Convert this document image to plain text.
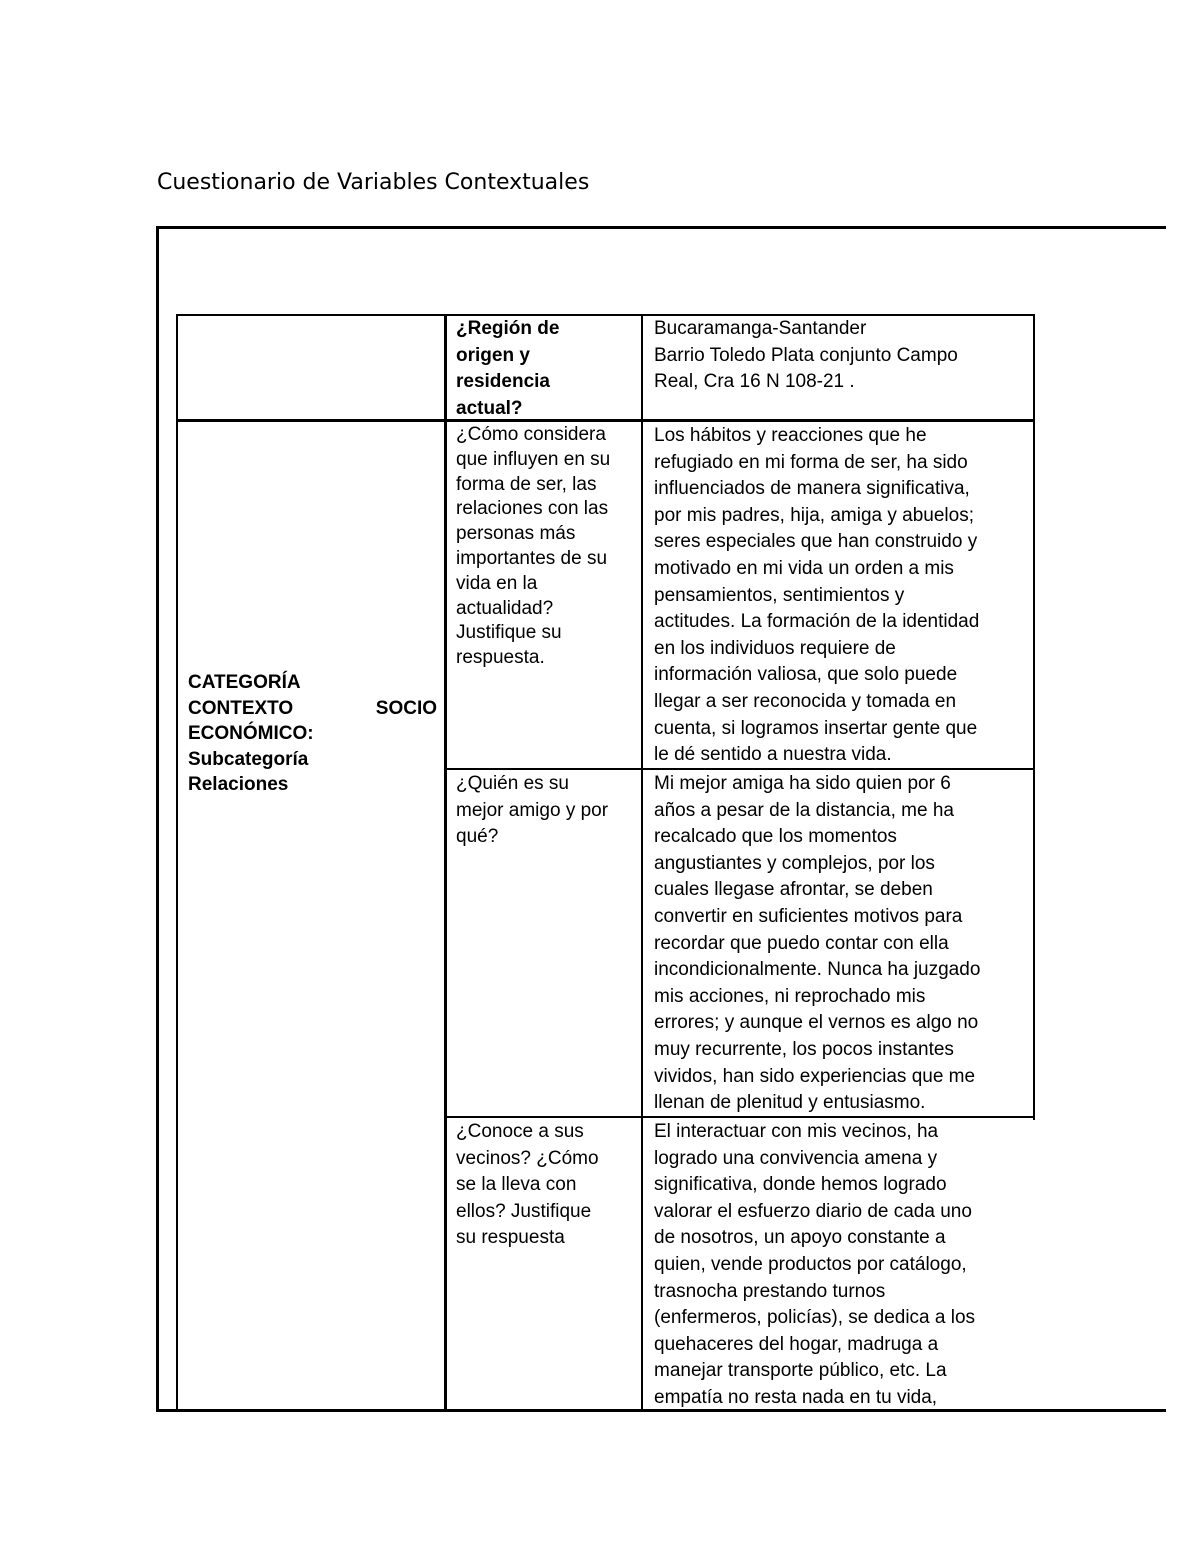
Cuestionario de Variables Contextuales
CATEGORÍA
CONTEXTO	SOCIO
ECONÓMICO:
Subcategoría
Relaciones
¿Región de
origen y
residencia
actual?
Bucaramanga-Santander
Barrio Toledo Plata conjunto Campo
Real, Cra 16 N 108-21 .
¿Cómo considera
que influyen en su
forma de ser, las
relaciones con las
personas más
importantes de su
vida en la
actualidad?
Justifique su
respuesta.
Los hábitos y reacciones que he
refugiado en mi forma de ser, ha sido
influenciados de manera significativa,
por mis padres, hija, amiga y abuelos;
seres especiales que han construido y
motivado en mi vida un orden a mis
pensamientos, sentimientos y
actitudes. La formación de la identidad
en los individuos requiere de
información valiosa, que solo puede
llegar a ser reconocida y tomada en
cuenta, si logramos insertar gente que
le dé sentido a nuestra vida.
¿Quién es su
mejor amigo y por
qué?
Mi mejor amiga ha sido quien por 6
años a pesar de la distancia, me ha
recalcado que los momentos
angustiantes y complejos, por los
cuales llegase afrontar, se deben
convertir en suficientes motivos para
recordar que puedo contar con ella
incondicionalmente. Nunca ha juzgado
mis acciones, ni reprochado mis
errores; y aunque el vernos es algo no
muy recurrente, los pocos instantes
vividos, han sido experiencias que me
llenan de plenitud y entusiasmo.
¿Conoce a sus
vecinos? ¿Cómo
se la lleva con
ellos? Justifique
su respuesta
El interactuar con mis vecinos, ha
logrado una convivencia amena y
significativa, donde hemos logrado
valorar el esfuerzo diario de cada uno
de nosotros, un apoyo constante a
quien, vende productos por catálogo,
trasnocha prestando turnos
(enfermeros, policías), se dedica a los
quehaceres del hogar, madruga a
manejar transporte público, etc. La
empatía no resta nada en tu vida,
